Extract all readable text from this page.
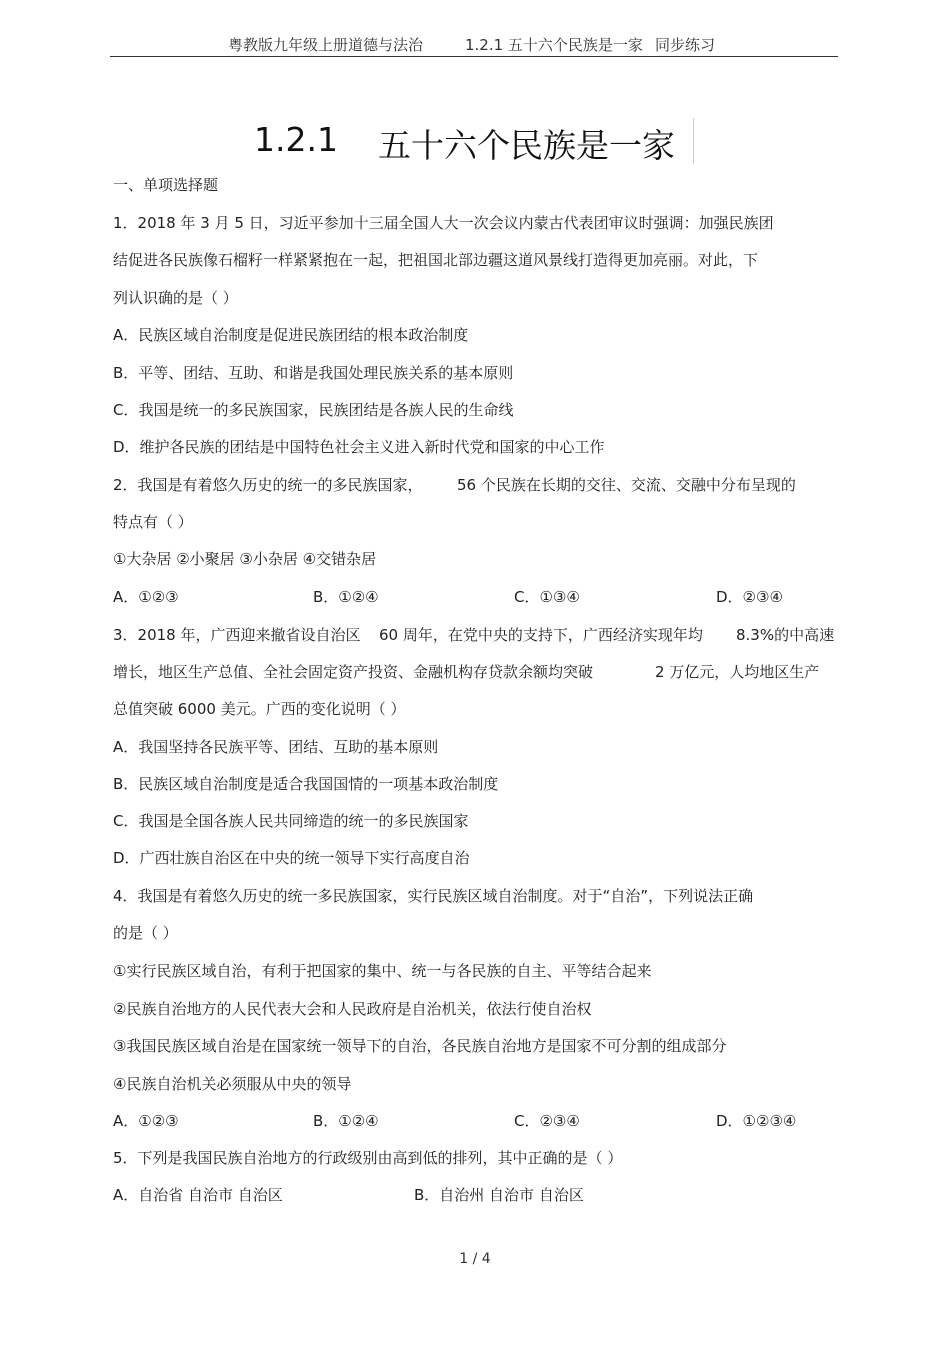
粤教版九年级上册道德与法治	1.2.1 五十六个民族是一家 同步练习
1.2.1 五十六个民族是一家
一、单项选择题
1．2018 年 3 月 5 日，习近平参加十三届全国人大一次会议内蒙古代表团审议时强调：加强民族团
结促进各民族像石榴籽一样紧紧抱在一起，把祖国北部边疆这道风景线打造得更加亮丽。对此，下
列认识确的是（ ）
A．民族区域自治制度是促进民族团结的根本政治制度
B．平等、团结、互助、和谐是我国处理民族关系的基本原则
C．我国是统一的多民族国家，民族团结是各族人民的生命线
D．维护各民族的团结是中国特色社会主义进入新时代党和国家的中心工作
2．我国是有着悠久历史的统一的多民族国家， 56 个民族在长期的交往、交流、交融中分布呈现的
特点有（ ）
①大杂居 ②小聚居 ③小杂居 ④交错杂居
A．①②③	B．①②④	C．①③④	D．②③④
3．2018 年，广西迎来撤省设自治区 60 周年，在党中央的支持下，广西经济实现年均 8.3%的中高速
增长，地区生产总值、全社会固定资产投资、金融机构存贷款余额均突破	2 万亿元，人均地区生产
总值突破 6000 美元。广西的变化说明（ ）
A．我国坚持各民族平等、团结、互助的基本原则
B．民族区域自治制度是适合我国国情的一项基本政治制度
C．我国是全国各族人民共同缔造的统一的多民族国家
D．广西壮族自治区在中央的统一领导下实行高度自治
4．我国是有着悠久历史的统一多民族国家，实行民族区域自治制度。对于“自治”，下列说法正确
的是（ ）
①实行民族区域自治，有利于把国家的集中、统一与各民族的自主、平等结合起来
②民族自治地方的人民代表大会和人民政府是自治机关，依法行使自治权
③我国民族区域自治是在国家统一领导下的自治，各民族自治地方是国家不可分割的组成部分
④民族自治机关必须服从中央的领导
A．①②③	B．①②④	C．②③④	D．①②③④
5．下列是我国民族自治地方的行政级别由高到低的排列，其中正确的是（ ）
A．自治省 自治市 自治区	B．自治州 自治市 自治区
1 / 4
